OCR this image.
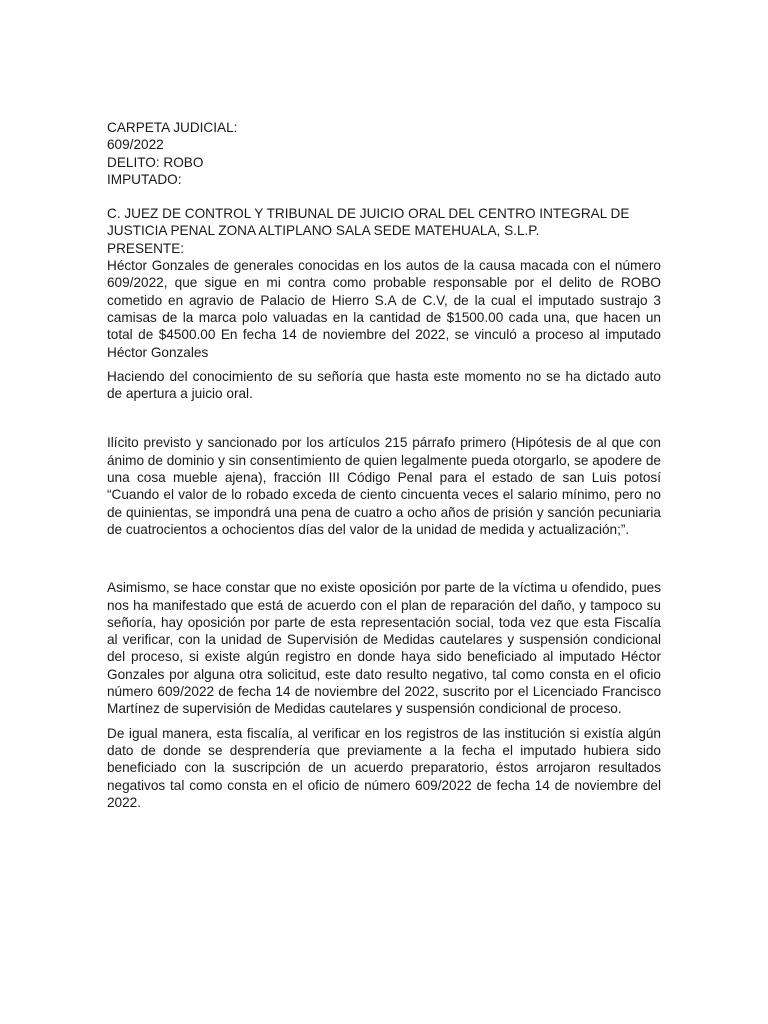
CARPETA JUDICIAL:
609/2022
DELITO: ROBO
IMPUTADO:
C. JUEZ DE CONTROL Y TRIBUNAL DE JUICIO ORAL DEL CENTRO INTEGRAL DE
JUSTICIA PENAL ZONA ALTIPLANO SALA SEDE MATEHUALA, S.L.P.
PRESENTE:

Héctor Gonzales de generales conocidas en los autos de la causa macada con el número 609/2022, que sigue en mi contra como probable responsable por el delito de ROBO cometido en agravio de Palacio de Hierro S.A de C.V, de la cual el imputado sustrajo 3 camisas de la marca polo valuadas en la cantidad de $1500.00 cada una, que hacen un total de $4500.00 En fecha 14 de noviembre del 2022, se vinculó a proceso al imputado Héctor Gonzales

Haciendo del conocimiento de su señoría que hasta este momento no se ha dictado auto de apertura a juicio oral.

Ilícito previsto y sancionado por los artículos 215 párrafo primero (Hipótesis de al que con ánimo de dominio y sin consentimiento de quien legalmente pueda otorgarlo, se apodere de una cosa mueble ajena), fracción III Código Penal para el estado de san Luis potosí “Cuando el valor de lo robado exceda de ciento cincuenta veces el salario mínimo, pero no de quinientas, se impondrá una pena de cuatro a ocho años de prisión y sanción pecuniaria de cuatrocientos a ochocientos días del valor de la unidad de medida y actualización;”.

Asimismo, se hace constar que no existe oposición por parte de la víctima u ofendido, pues nos ha manifestado que está de acuerdo con el plan de reparación del daño, y tampoco su señoría, hay oposición por parte de esta representación social, toda vez que esta Fiscalía al verificar, con la unidad de Supervisión de Medidas cautelares y suspensión condicional del proceso, si existe algún registro en donde haya sido beneficiado al imputado Héctor Gonzales por alguna otra solicitud, este dato resulto negativo, tal como consta en el oficio número 609/2022 de fecha 14 de noviembre del 2022, suscrito por el Licenciado Francisco Martínez de supervisión de Medidas cautelares y suspensión condicional de proceso.

De igual manera, esta fiscalía, al verificar en los registros de las institución si existía algún dato de donde se desprendería que previamente a la fecha el imputado hubiera sido beneficiado con la suscripción de un acuerdo preparatorio, éstos arrojaron resultados negativos tal como consta en el oficio de número 609/2022 de fecha 14 de noviembre del 2022.
